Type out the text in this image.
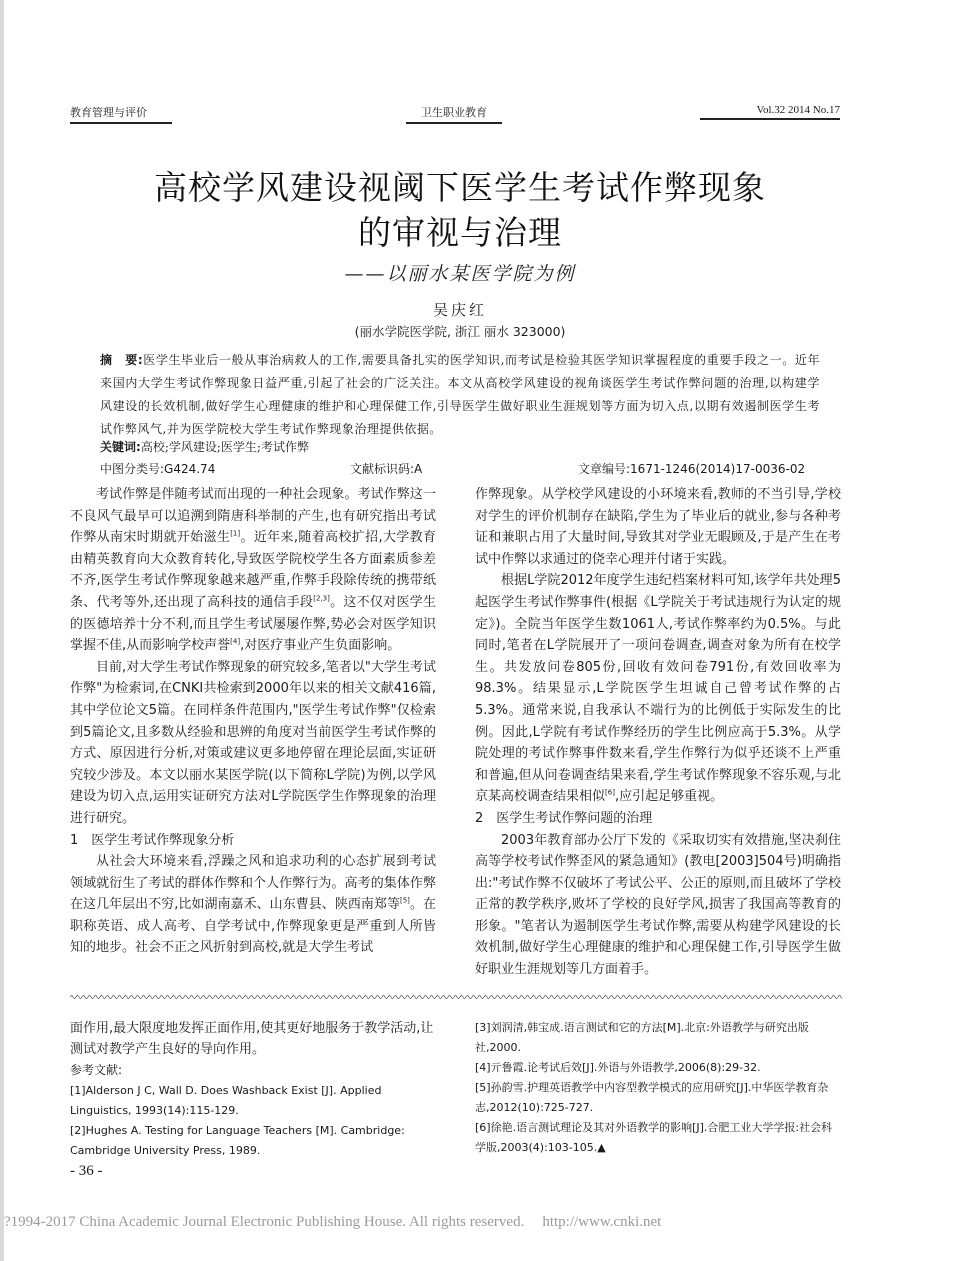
教育管理与评价	卫生职业教育	Vol.32 2014 No.17
高校学风建设视阈下医学生考试作弊现象
的审视与治理
——以丽水某医学院为例
吴庆红
(丽水学院医学院, 浙江 丽水 323000)
摘　要:医学生毕业后一般从事治病救人的工作,需要具备扎实的医学知识,而考试是检验其医学知识掌握程度的重要手段之一。近年来国内大学生考试作弊现象日益严重,引起了社会的广泛关注。本文从高校学风建设的视角谈医学生考试作弊问题的治理,以构建学风建设的长效机制,做好学生心理健康的维护和心理保健工作,引导医学生做好职业生涯规划等方面为切入点,以期有效遏制医学生考试作弊风气,并为医学院校大学生考试作弊现象治理提供依据。
关键词:高校;学风建设;医学生;考试作弊
中图分类号:G424.74	文献标识码:A	文章编号:1671-1246(2014)17-0036-02

考试作弊是伴随考试而出现的一种社会现象。考试作弊这一不良风气最早可以追溯到隋唐科举制的产生,也有研究指出考试作弊从南宋时期就开始滋生[1]。近年来,随着高校扩招,大学教育由精英教育向大众教育转化,导致医学院校学生各方面素质参差不齐,医学生考试作弊现象越来越严重,作弊手段除传统的携带纸条、代考等外,还出现了高科技的通信手段[2,3]。这不仅对医学生的医德培养十分不利,而且学生考试屡屡作弊,势必会对医学知识掌握不佳,从而影响学校声誉[4],对医疗事业产生负面影响。

目前,对大学生考试作弊现象的研究较多,笔者以"大学生考试作弊"为检索词,在CNKI共检索到2000年以来的相关文献416篇,其中学位论文5篇。在同样条件范围内,"医学生考试作弊"仅检索到5篇论文,且多数从经验和思辨的角度对当前医学生考试作弊的方式、原因进行分析,对策或建议更多地停留在理论层面,实证研究较少涉及。本文以丽水某医学院(以下简称L学院)为例,以学风建设为切入点,运用实证研究方法对L学院医学生作弊现象的治理进行研究。

1　医学生考试作弊现象分析

从社会大环境来看,浮躁之风和追求功利的心态扩展到考试领域就衍生了考试的群体作弊和个人作弊行为。高考的集体作弊在这几年层出不穷,比如湖南嘉禾、山东曹县、陕西南郑等[5]。在职称英语、成人高考、自学考试中,作弊现象更是严重到人所皆知的地步。社会不正之风折射到高校,就是大学生考试

作弊现象。从学校学风建设的小环境来看,教师的不当引导,学校对学生的评价机制存在缺陷,学生为了毕业后的就业,参与各种考证和兼职占用了大量时间,导致其对学业无暇顾及,于是产生在考试中作弊以求通过的侥幸心理并付诸于实践。

根据L学院2012年度学生违纪档案材料可知,该学年共处理5起医学生考试作弊事件(根据《L学院关于考试违规行为认定的规定》)。全院当年医学生数1061人,考试作弊率约为0.5%。与此同时,笔者在L学院展开了一项问卷调查,调查对象为所有在校学生。共发放问卷805份,回收有效问卷791份,有效回收率为98.3%。结果显示,L学院医学生坦诚自己曾考试作弊的占5.3%。通常来说,自我承认不端行为的比例低于实际发生的比例。因此,L学院有考试作弊经历的学生比例应高于5.3%。从学院处理的考试作弊事件数来看,学生作弊行为似乎还谈不上严重和普遍,但从问卷调查结果来看,学生考试作弊现象不容乐观,与北京某高校调查结果相似[6],应引起足够重视。

2　医学生考试作弊问题的治理

2003年教育部办公厅下发的《采取切实有效措施,坚决刹住高等学校考试作弊歪风的紧急通知》(教电[2003]504号)明确指出:"考试作弊不仅破坏了考试公平、公正的原则,而且破坏了学校正常的教学秩序,败坏了学校的良好学风,损害了我国高等教育的形象。"笔者认为遏制医学生考试作弊,需要从构建学风建设的长效机制,做好学生心理健康的维护和心理保健工作,引导医学生做好职业生涯规划等几方面着手。

面作用,最大限度地发挥正面作用,使其更好地服务于教学活动,让测试对教学产生良好的导向作用。

参考文献:

[1]Alderson J C, Wall D. Does Washback Exist [J]. Applied Linguistics, 1993(14):115-129.

[2]Hughes A. Testing for Language Teachers [M]. Cambridge: Cambridge University Press, 1989.

[3]刘润清,韩宝成.语言测试和它的方法[M].北京:外语教学与研究出版社,2000.

[4]亓鲁霞.论考试后效[J].外语与外语教学,2006(8):29-32.

[5]孙韵雪.护理英语教学中内容型教学模式的应用研究[J].中华医学教育杂志,2012(10):725-727.

[6]徐艳.语言测试理论及其对外语教学的影响[J].合肥工业大学学报:社会科学版,2003(4):103-105.▲

- 36 -
?1994-2017 China Academic Journal Electronic Publishing House. All rights reserved. http://www.cnki.net
